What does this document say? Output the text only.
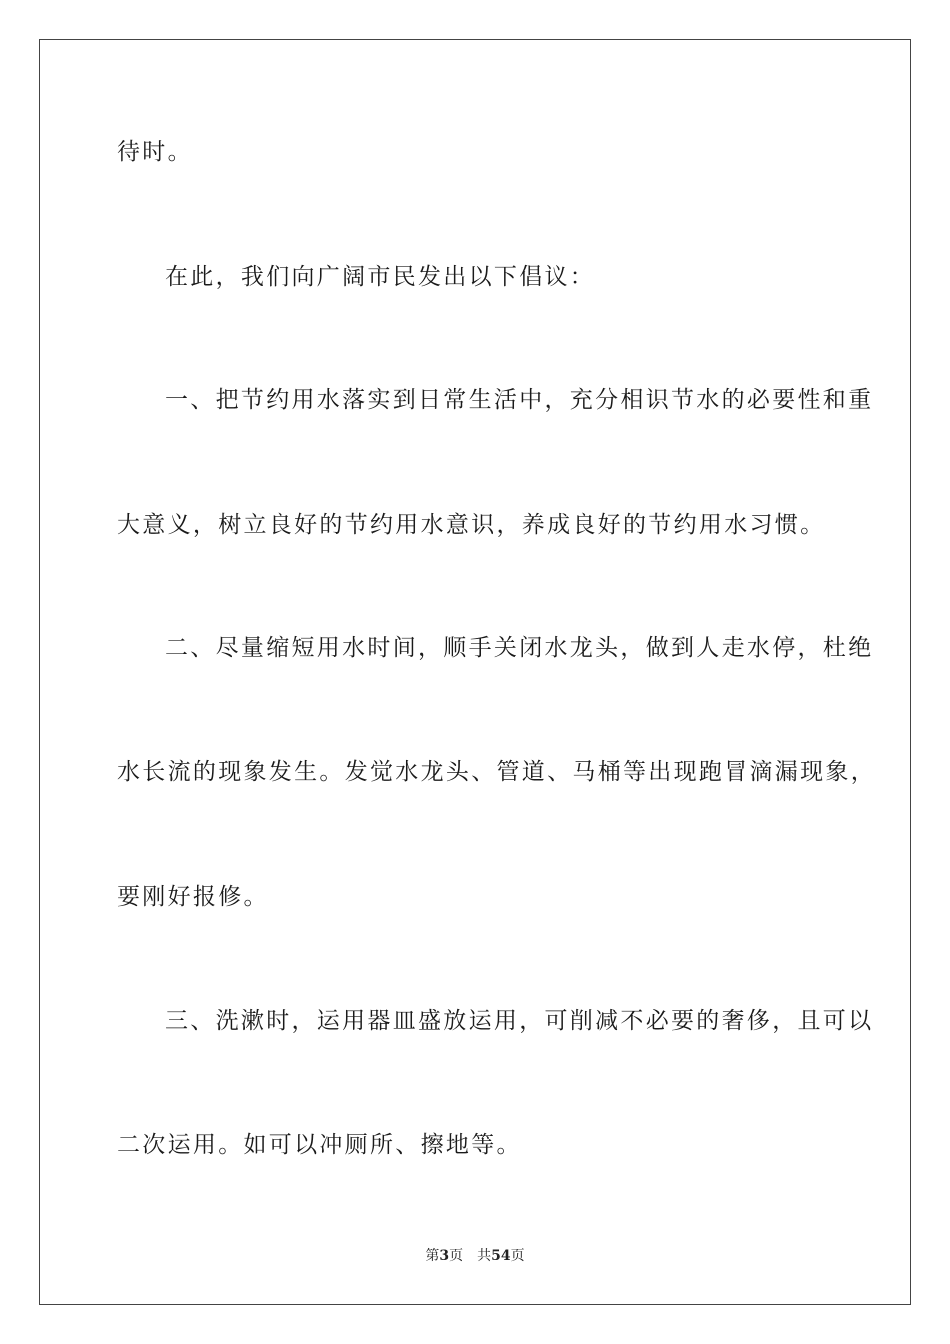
待时。
在此，我们向广阔市民发出以下倡议：
一、把节约用水落实到日常生活中，充分相识节水的必要性和重
大意义，树立良好的节约用水意识，养成良好的节约用水习惯。
二、尽量缩短用水时间，顺手关闭水龙头，做到人走水停，杜绝
水长流的现象发生。发觉水龙头、管道、马桶等出现跑冒滴漏现象，
要刚好报修。
三、洗漱时，运用器皿盛放运用，可削减不必要的奢侈，且可以
二次运用。如可以冲厕所、擦地等。
第3页 共54页
